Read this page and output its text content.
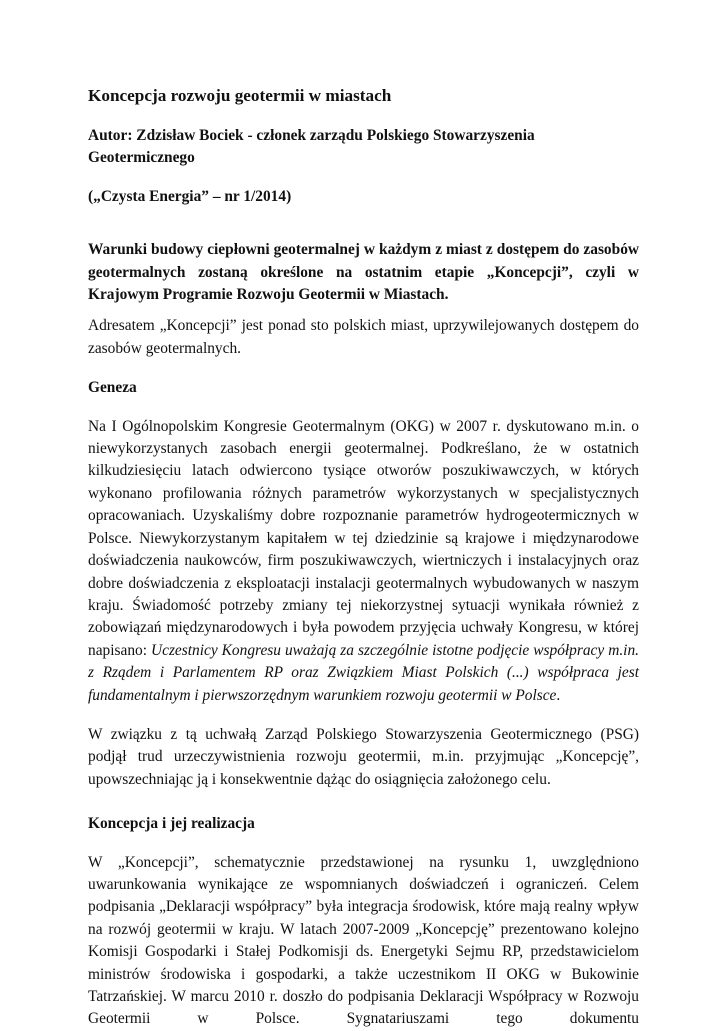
Koncepcja rozwoju geotermii w miastach
Autor: Zdzisław Bociek - członek zarządu Polskiego Stowarzyszenia Geotermicznego
(„Czysta Energia” – nr 1/2014)

Warunki budowy ciepłowni geotermalnej w każdym z miast z dostępem do zasobów geotermalnych zostaną określone na ostatnim etapie „Koncepcji”, czyli w Krajowym Programie Rozwoju Geotermii w Miastach.

Adresatem „Koncepcji” jest ponad sto polskich miast, uprzywilejowanych dostępem do zasobów geotermalnych.

Geneza

Na I Ogólnopolskim Kongresie Geotermalnym (OKG) w 2007 r. dyskutowano m.in. o niewykorzystanych zasobach energii geotermalnej. Podkreślano, że w ostatnich kilkudziesięciu latach odwiercono tysiące otworów poszukiwawczych, w których wykonano profilowania różnych parametrów wykorzystanych w specjalistycznych opracowaniach. Uzyskaliśmy dobre rozpoznanie parametrów hydrogeotermicznych w Polsce. Niewykorzystanym kapitałem w tej dziedzinie są krajowe i międzynarodowe doświadczenia naukowców, firm poszukiwawczych, wiertniczych i instalacyjnych oraz dobre doświadczenia z eksploatacji instalacji geotermalnych wybudowanych w naszym kraju. Świadomość potrzeby zmiany tej niekorzystnej sytuacji wynikała również z zobowiązań międzynarodowych i była powodem przyjęcia uchwały Kongresu, w której napisano: Uczestnicy Kongresu uważają za szczególnie istotne podjęcie współpracy m.in. z Rządem i Parlamentem RP oraz Związkiem Miast Polskich (...) współpraca jest fundamentalnym i pierwszorzędnym warunkiem rozwoju geotermii w Polsce.

W związku z tą uchwałą Zarząd Polskiego Stowarzyszenia Geotermicznego (PSG) podjął trud urzeczywistnienia rozwoju geotermii, m.in. przyjmując „Koncepcję”, upowszechniając ją i konsekwentnie dążąc do osiągnięcia założonego celu.

Koncepcja i jej realizacja

W „Koncepcji”, schematycznie przedstawionej na rysunku 1, uwzględniono uwarunkowania wynikające ze wspomnianych doświadczeń i ograniczeń. Celem podpisania „Deklaracji współpracy” była integracja środowisk, które mają realny wpływ na rozwój geotermii w kraju. W latach 2007-2009 „Koncepcję” prezentowano kolejno Komisji Gospodarki i Stałej Podkomisji ds. Energetyki Sejmu RP, przedstawicielom ministrów środowiska i gospodarki, a także uczestnikom II OKG w Bukowinie Tatrzańskiej. W marcu 2010 r. doszło do podpisania Deklaracji Współpracy w Rozwoju Geotermii w Polsce. Sygnatariuszami tego dokumentu
